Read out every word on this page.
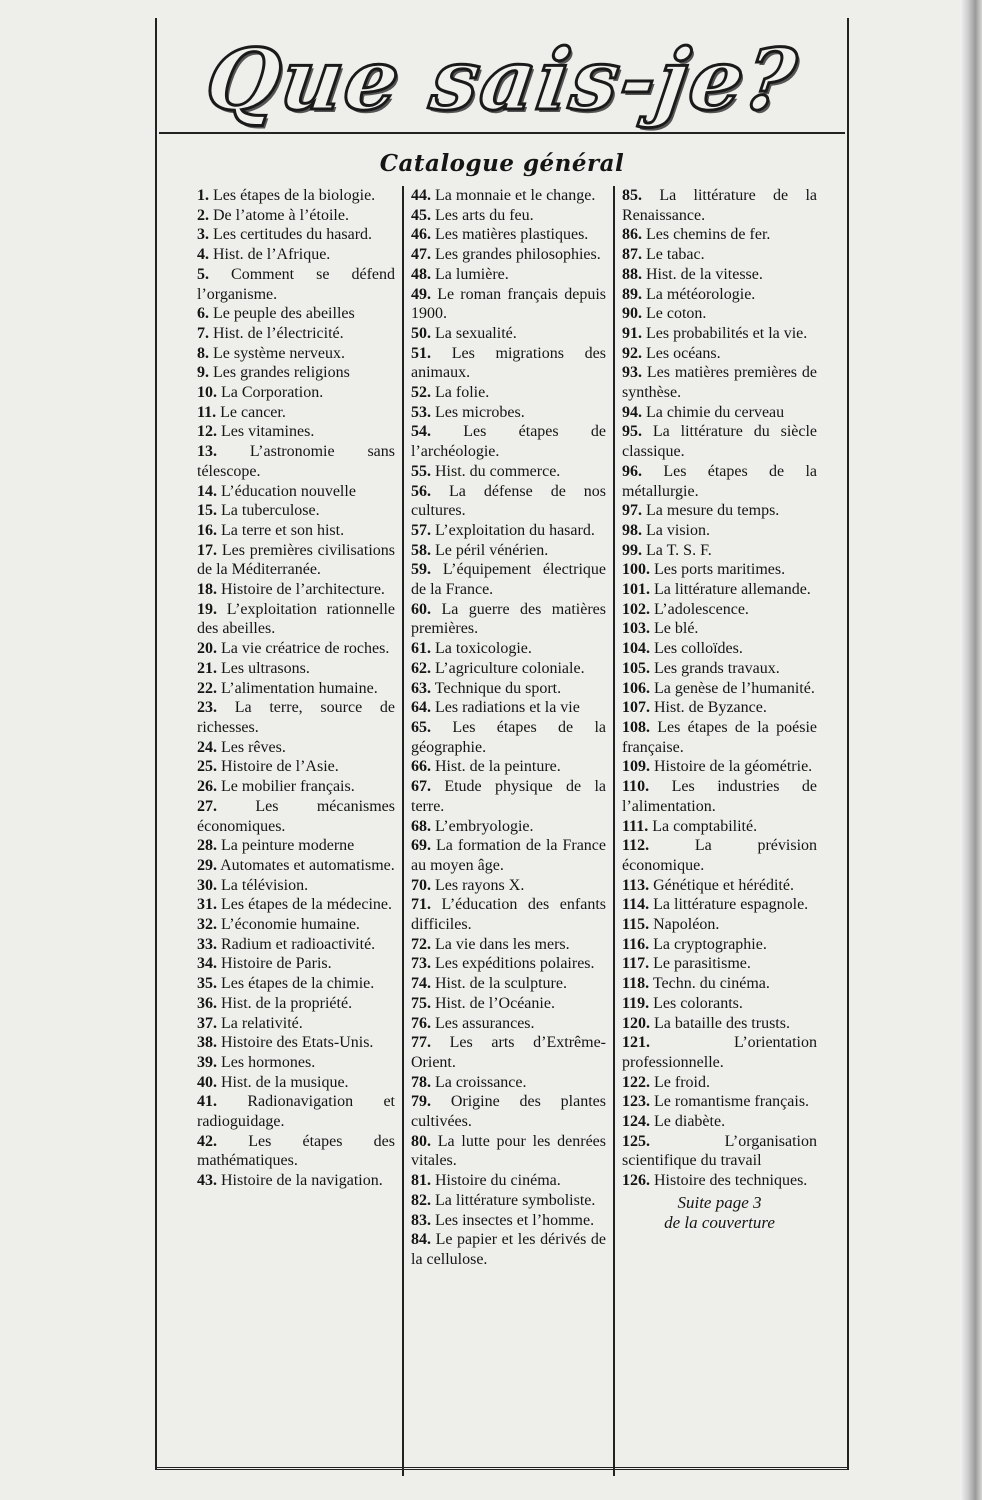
Que sais-je?
Catalogue général
1. Les étapes de la biologie.
2. De l’atome à l’étoile.
3. Les certitudes du hasard.
4. Hist. de l’Afrique.
5. Comment se défend l’organisme.
6. Le peuple des abeilles
7. Hist. de l’électricité.
8. Le système nerveux.
9. Les grandes religions
10. La Corporation.
11. Le cancer.
12. Les vitamines.
13. L’astronomie sans télescope.
14. L’éducation nouvelle
15. La tuberculose.
16. La terre et son hist.
17. Les premières civilisations de la Méditerranée.
18. Histoire de l’architecture.
19. L’exploitation rationnelle des abeilles.
20. La vie créatrice de roches.
21. Les ultrasons.
22. L’alimentation humaine.
23. La terre, source de richesses.
24. Les rêves.
25. Histoire de l’Asie.
26. Le mobilier français.
27. Les mécanismes économiques.
28. La peinture moderne
29. Automates et automatisme.
30. La télévision.
31. Les étapes de la médecine.
32. L’économie humaine.
33. Radium et radioactivité.
34. Histoire de Paris.
35. Les étapes de la chimie.
36. Hist. de la propriété.
37. La relativité.
38. Histoire des Etats-Unis.
39. Les hormones.
40. Hist. de la musique.
41. Radionavigation et radioguidage.
42. Les étapes des mathématiques.
43. Histoire de la navigation.
44. La monnaie et le change.
45. Les arts du feu.
46. Les matières plastiques.
47. Les grandes philosophies.
48. La lumière.
49. Le roman français depuis 1900.
50. La sexualité.
51. Les migrations des animaux.
52. La folie.
53. Les microbes.
54. Les étapes de l’archéologie.
55. Hist. du commerce.
56. La défense de nos cultures.
57. L’exploitation du hasard.
58. Le péril vénérien.
59. L’équipement électrique de la France.
60. La guerre des matières premières.
61. La toxicologie.
62. L’agriculture coloniale.
63. Technique du sport.
64. Les radiations et la vie
65. Les étapes de la géographie.
66. Hist. de la peinture.
67. Etude physique de la terre.
68. L’embryologie.
69. La formation de la France au moyen âge.
70. Les rayons X.
71. L’éducation des enfants difficiles.
72. La vie dans les mers.
73. Les expéditions polaires.
74. Hist. de la sculpture.
75. Hist. de l’Océanie.
76. Les assurances.
77. Les arts d’Extrême-Orient.
78. La croissance.
79. Origine des plantes cultivées.
80. La lutte pour les denrées vitales.
81. Histoire du cinéma.
82. La littérature symboliste.
83. Les insectes et l’homme.
84. Le papier et les dérivés de la cellulose.
85. La littérature de la Renaissance.
86. Les chemins de fer.
87. Le tabac.
88. Hist. de la vitesse.
89. La météorologie.
90. Le coton.
91. Les probabilités et la vie.
92. Les océans.
93. Les matières premières de synthèse.
94. La chimie du cerveau
95. La littérature du siècle classique.
96. Les étapes de la métallurgie.
97. La mesure du temps.
98. La vision.
99. La T. S. F.
100. Les ports maritimes.
101. La littérature allemande.
102. L’adolescence.
103. Le blé.
104. Les colloïdes.
105. Les grands travaux.
106. La genèse de l’humanité.
107. Hist. de Byzance.
108. Les étapes de la poésie française.
109. Histoire de la géométrie.
110. Les industries de l’alimentation.
111. La comptabilité.
112.	La prévision économique.
113. Génétique et hérédité.
114. La littérature espagnole.
115. Napoléon.
116. La cryptographie.
117. Le parasitisme.
118. Techn. du cinéma.
119. Les colorants.
120. La bataille des trusts.
121.	L’orientation professionnelle.
122. Le froid.
123. Le romantisme français.
124. Le diabète.
125.	L’organisation scientifique du travail
126. Histoire des techniques.
Suite page 3
de la couverture
